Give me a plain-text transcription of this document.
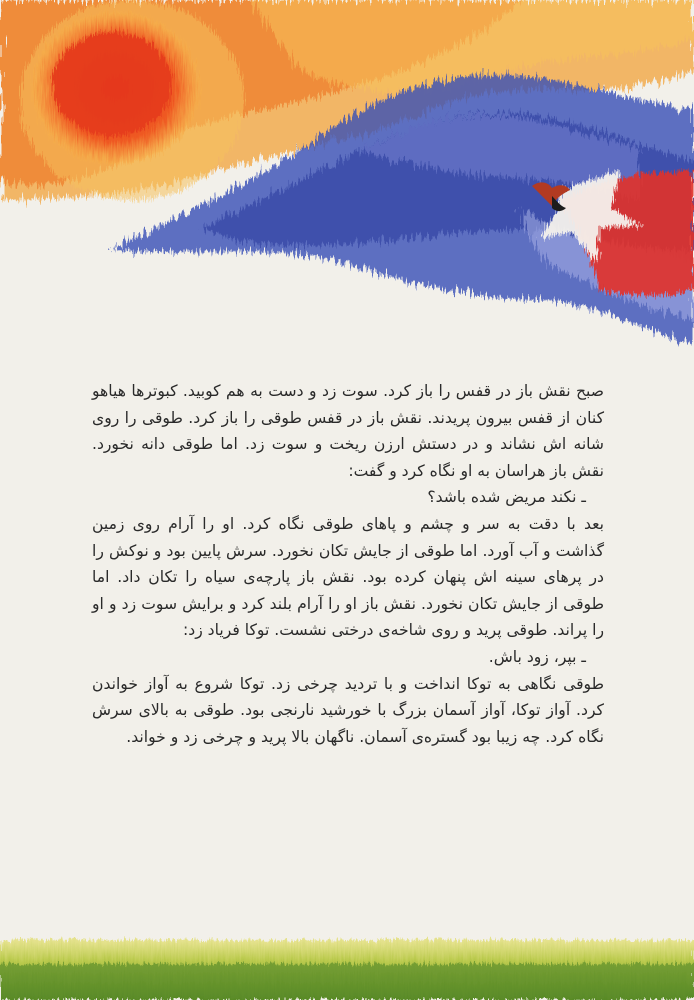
صبح نقش باز در قفس را باز کرد. سوت زد و دست به هم کوبید. کبوترها هیاهو کنان از قفس بیرون پریدند. نقش باز در قفس طوقی را باز کرد. طوقی را روی شانه اش نشاند و در دستش ارزن ریخت و سوت زد. اما طوقی دانه نخورد. نقش باز هراسان به او نگاه کرد و گفت:

ـ نکند مریض شده باشد؟

بعد با دقت به سر و چشم و پاهای طوقی نگاه کرد. او را آرام روی زمین گذاشت و آب آورد. اما طوقی از جایش تکان نخورد. سرش پایین بود و نوکش را در پرهای سینه اش پنهان کرده بود. نقش باز پارچه‌ی سیاه را تکان داد. اما طوقی از جایش تکان نخورد. نقش باز او را آرام بلند کرد و برایش سوت زد و او را پراند. طوقی پرید و روی شاخه‌ی درختی نشست. توکا فریاد زد:

ـ بپر، زود باش.

طوقی نگاهی به توکا انداخت و با تردید چرخی زد. توکا شروع به آواز خواندن کرد. آواز توکا، آواز آسمان بزرگ با خورشید نارنجی بود. طوقی به بالای سرش نگاه کرد. چه زیبا بود گستره‌ی آسمان. ناگهان بالا پرید و چرخی زد و خواند.
